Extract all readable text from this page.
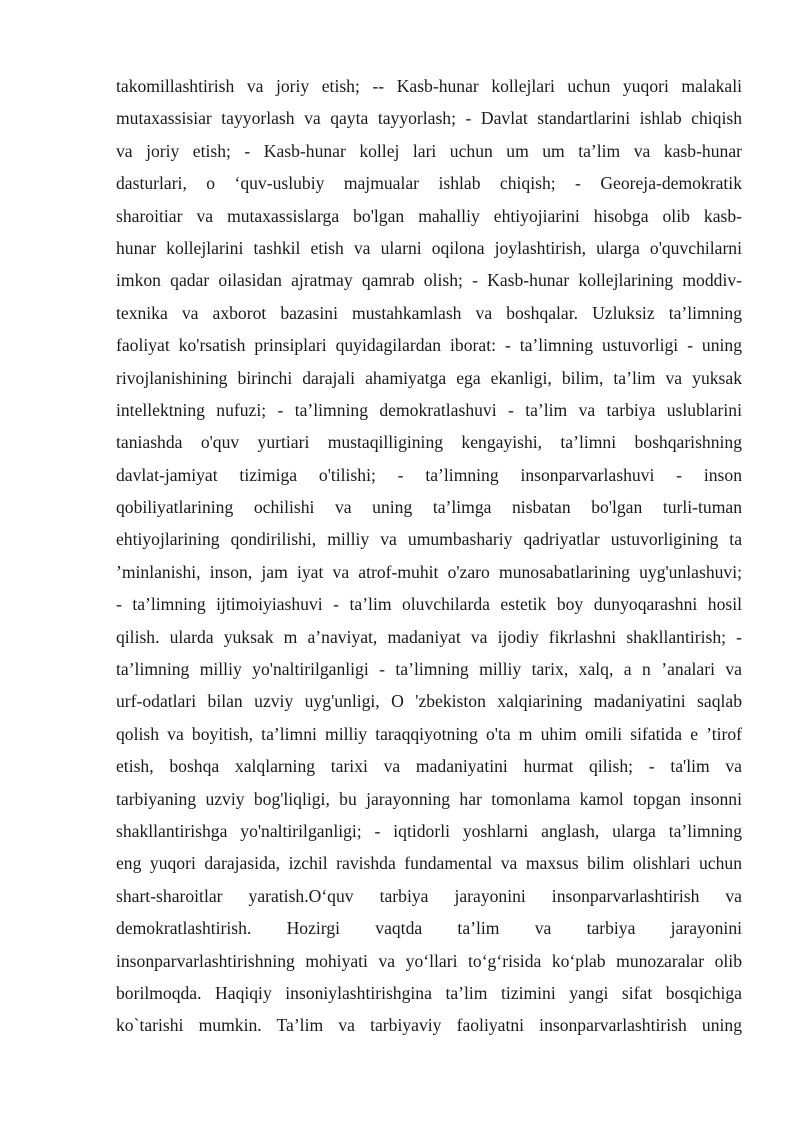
takomillashtirish va joriy etish; -- Kasb-hunar kollejlari uchun yuqori malakali
mutaxassisiar tayyorlash va qayta tayyorlash; - Davlat standartlarini ishlab chiqish
va joriy etish; - Kasb-hunar kollej lari uchun um um ta’lim va kasb-hunar
dasturlari, o ‘quv-uslubiy majmualar ishlab chiqish; - Georeja-demokratik
sharoitiar va mutaxassislarga bo'lgan mahalliy ehtiyojiarini hisobga olib kasb-
hunar kollejlarini tashkil etish va ularni oqilona joylashtirish, ularga o'quvchilarni
imkon qadar oilasidan ajratmay qamrab olish; - Kasb-hunar kollejlarining moddiv-
texnika va axborot bazasini mustahkamlash va boshqalar. Uzluksiz ta’limning
faoliyat ko'rsatish prinsiplari quyidagilardan iborat: - ta’limning ustuvorligi - uning
rivojlanishining birinchi darajali ahamiyatga ega ekanligi, bilim, ta’lim va yuksak
intellektning nufuzi; - ta’limning demokratlashuvi - ta’lim va tarbiya uslublarini
taniashda o'quv yurtiari mustaqilligining kengayishi, ta’limni boshqarishning
davlat-jamiyat tizimiga o'tilishi; - ta’limning insonparvarlashuvi - inson
qobiliyatlarining ochilishi va uning ta’limga nisbatan bo'lgan turli-tuman
ehtiyojlarining qondirilishi, milliy va umumbashariy qadriyatlar ustuvorligining ta
’minlanishi, inson, jam iyat va atrof-muhit o'zaro munosabatlarining uyg'unlashuvi;
- ta’limning ijtimoiyiashuvi - ta’lim oluvchilarda estetik boy dunyoqarashni hosil
qilish. ularda yuksak m a’naviyat, madaniyat va ijodiy fikrlashni shakllantirish; -
ta’limning milliy yo'naltirilganligi - ta’limning milliy tarix, xalq, a n ’analari va
urf-odatlari bilan uzviy uyg'unligi, O 'zbekiston xalqiarining madaniyatini saqlab
qolish va boyitish, ta’limni milliy taraqqiyotning o'ta m uhim omili sifatida e ’tirof
etish, boshqa xalqlarning tarixi va madaniyatini hurmat qilish; - ta'lim va
tarbiyaning uzviy bog'liqligi, bu jarayonning har tomonlama kamol topgan insonni
shakllantirishga yo'naltirilganligi; - iqtidorli yoshlarni anglash, ularga ta’limning
eng yuqori darajasida, izchil ravishda fundamental va maxsus bilim olishlari uchun
shart-sharoitlar yaratish.O‘quv tarbiya jarayonini insonparvarlashtirish va
demokratlashtirish. Hozirgi vaqtda ta’lim va tarbiya jarayonini
insonparvarlashtirishning mohiyati va yo‘llari to‘g‘risida ko‘plab munozaralar olib
borilmoqda. Haqiqiy insoniylashtirishgina ta’lim tizimini yangi sifat bosqichiga
ko`tarishi mumkin. Ta’lim va tarbiyaviy faoliyatni insonparvarlashtirish uning
